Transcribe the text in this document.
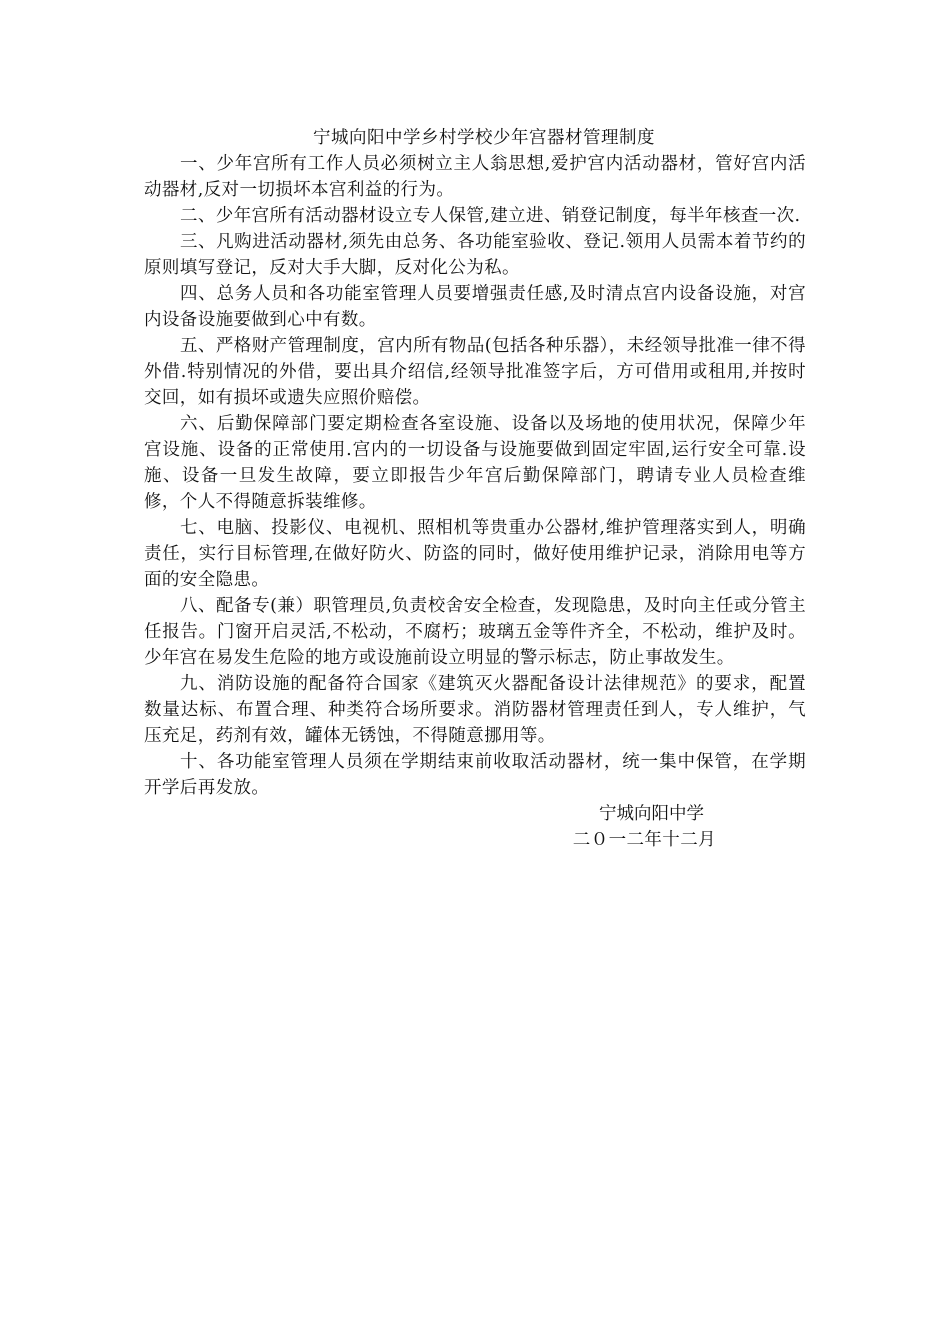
宁城向阳中学乡村学校少年宫器材管理制度

一、少年宫所有工作人员必须树立主人翁思想,爱护宫内活动器材，管好宫内活动器材,反对一切损坏本宫利益的行为。

二、少年宫所有活动器材设立专人保管,建立进、销登记制度，每半年核查一次.

三、凡购进活动器材,须先由总务、各功能室验收、登记.领用人员需本着节约的原则填写登记，反对大手大脚，反对化公为私。

四、总务人员和各功能室管理人员要增强责任感,及时清点宫内设备设施，对宫内设备设施要做到心中有数。

五、严格财产管理制度，宫内所有物品(包括各种乐器），未经领导批准一律不得外借.特别情况的外借，要出具介绍信,经领导批准签字后，方可借用或租用,并按时交回，如有损坏或遗失应照价赔偿。

六、后勤保障部门要定期检查各室设施、设备以及场地的使用状况，保障少年宫设施、设备的正常使用.宫内的一切设备与设施要做到固定牢固,运行安全可靠.设施、设备一旦发生故障，要立即报告少年宫后勤保障部门，聘请专业人员检查维修，个人不得随意拆装维修。

七、电脑、投影仪、电视机、照相机等贵重办公器材,维护管理落实到人，明确责任，实行目标管理,在做好防火、防盗的同时，做好使用维护记录，消除用电等方面的安全隐患。

八、配备专(兼）职管理员,负责校舍安全检查，发现隐患，及时向主任或分管主任报告。门窗开启灵活,不松动，不腐朽；玻璃五金等件齐全，不松动，维护及时。少年宫在易发生危险的地方或设施前设立明显的警示标志，防止事故发生。

九、消防设施的配备符合国家《建筑灭火器配备设计法律规范》的要求，配置数量达标、布置合理、种类符合场所要求。消防器材管理责任到人，专人维护，气压充足，药剂有效，罐体无锈蚀，不得随意挪用等。

十、各功能室管理人员须在学期结束前收取活动器材，统一集中保管，在学期开学后再发放。

宁城向阳中学
二０一二年十二月
